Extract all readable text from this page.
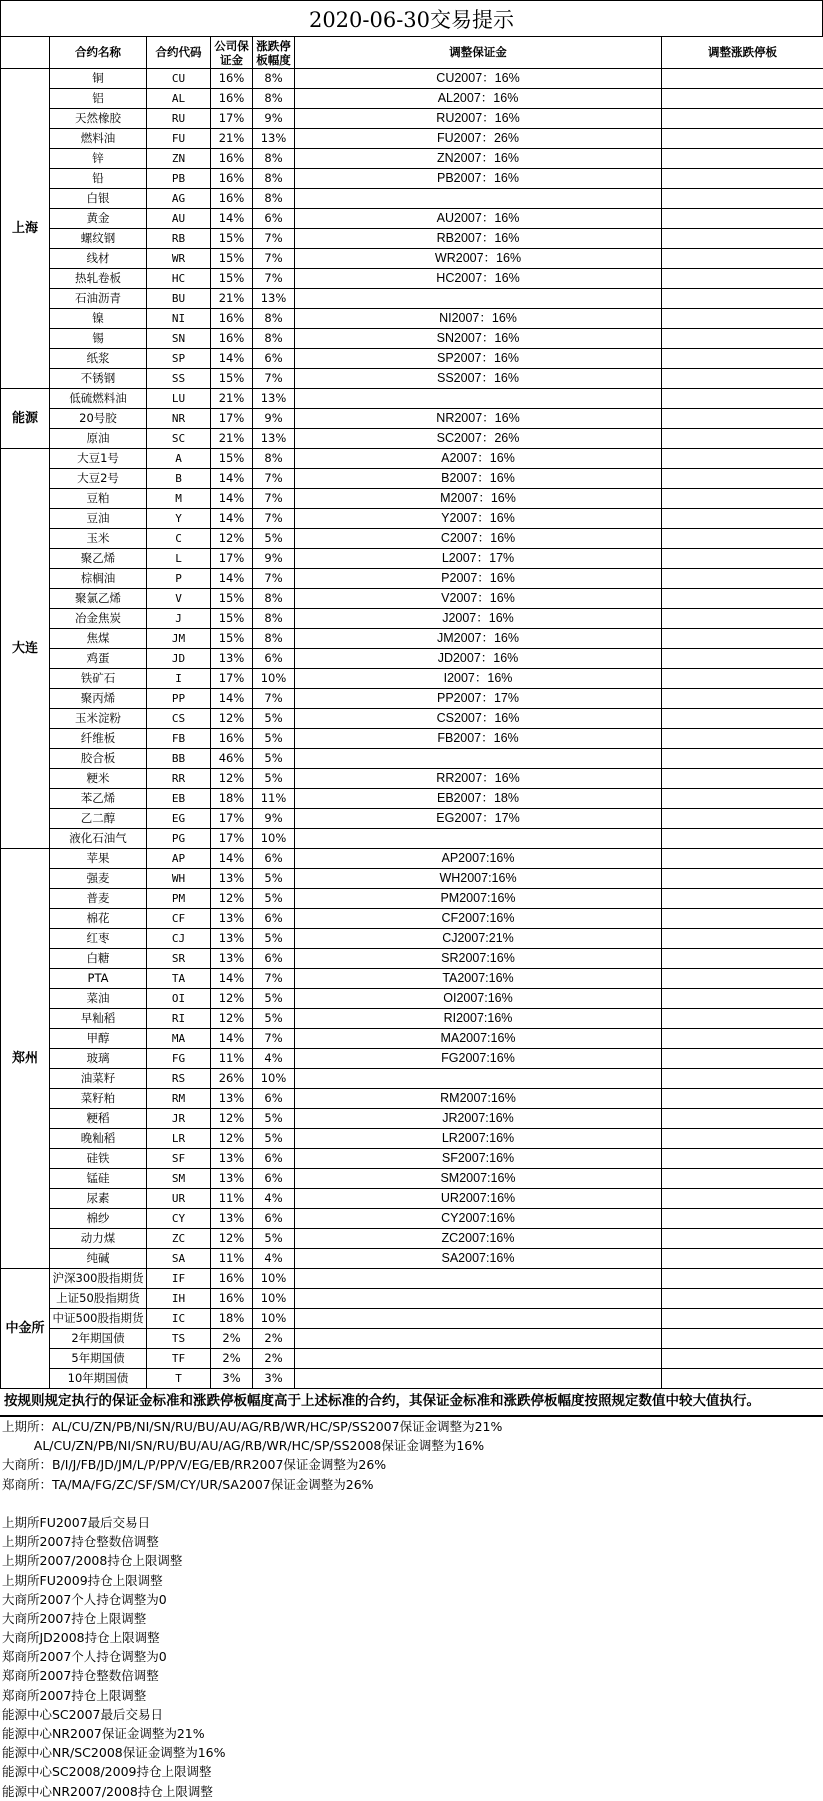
2020-06-30交易提示
	合约名称	合约代码	公司保证金	涨跌停板幅度	调整保证金	调整涨跌停板
上海	铜	CU	16%	8%	CU2007：16%	
	铝	AL	16%	8%	AL2007：16%	
	天然橡胶	RU	17%	9%	RU2007：16%	
	燃料油	FU	21%	13%	FU2007：26%	
	锌	ZN	16%	8%	ZN2007：16%	
	铅	PB	16%	8%	PB2007：16%	
	白银	AG	16%	8%		
	黄金	AU	14%	6%	AU2007：16%	
	螺纹钢	RB	15%	7%	RB2007：16%	
	线材	WR	15%	7%	WR2007：16%	
	热轧卷板	HC	15%	7%	HC2007：16%	
	石油沥青	BU	21%	13%		
	镍	NI	16%	8%	NI2007：16%	
	锡	SN	16%	8%	SN2007：16%	
	纸浆	SP	14%	6%	SP2007：16%	
	不锈钢	SS	15%	7%	SS2007：16%	
能源	低硫燃料油	LU	21%	13%		
	20号胶	NR	17%	9%	NR2007：16%	
	原油	SC	21%	13%	SC2007：26%	
大连	大豆1号	A	15%	8%	A2007：16%	
	大豆2号	B	14%	7%	B2007：16%	
	豆粕	M	14%	7%	M2007：16%	
	豆油	Y	14%	7%	Y2007：16%	
	玉米	C	12%	5%	C2007：16%	
	聚乙烯	L	17%	9%	L2007：17%	
	棕榈油	P	14%	7%	P2007：16%	
	聚氯乙烯	V	15%	8%	V2007：16%	
	冶金焦炭	J	15%	8%	J2007：16%	
	焦煤	JM	15%	8%	JM2007：16%	
	鸡蛋	JD	13%	6%	JD2007：16%	
	铁矿石	I	17%	10%	I2007：16%	
	聚丙烯	PP	14%	7%	PP2007：17%	
	玉米淀粉	CS	12%	5%	CS2007：16%	
	纤维板	FB	16%	5%	FB2007：16%	
	胶合板	BB	46%	5%		
	粳米	RR	12%	5%	RR2007：16%	
	苯乙烯	EB	18%	11%	EB2007：18%	
	乙二醇	EG	17%	9%	EG2007：17%	
	液化石油气	PG	17%	10%		
郑州	苹果	AP	14%	6%	AP2007:16%	
	强麦	WH	13%	5%	WH2007:16%	
	普麦	PM	12%	5%	PM2007:16%	
	棉花	CF	13%	6%	CF2007:16%	
	红枣	CJ	13%	5%	CJ2007:21%	
	白糖	SR	13%	6%	SR2007:16%	
	PTA	TA	14%	7%	TA2007:16%	
	菜油	OI	12%	5%	OI2007:16%	
	早籼稻	RI	12%	5%	RI2007:16%	
	甲醇	MA	14%	7%	MA2007:16%	
	玻璃	FG	11%	4%	FG2007:16%	
	油菜籽	RS	26%	10%		
	菜籽粕	RM	13%	6%	RM2007:16%	
	粳稻	JR	12%	5%	JR2007:16%	
	晚籼稻	LR	12%	5%	LR2007:16%	
	硅铁	SF	13%	6%	SF2007:16%	
	锰硅	SM	13%	6%	SM2007:16%	
	尿素	UR	11%	4%	UR2007:16%	
	棉纱	CY	13%	6%	CY2007:16%	
	动力煤	ZC	12%	5%	ZC2007:16%	
	纯碱	SA	11%	4%	SA2007:16%	
中金所	沪深300股指期货	IF	16%	10%		
	上证50股指期货	IH	16%	10%		
	中证500股指期货	IC	18%	10%		
	2年期国债	TS	2%	2%		
	5年期国债	TF	2%	2%		
	10年期国债	T	3%	3%		
按规则规定执行的保证金标准和涨跌停板幅度高于上述标准的合约，其保证金标准和涨跌停板幅度按照规定数值中较大值执行。
上期所：AL/CU/ZN/PB/NI/SN/RU/BU/AU/AG/RB/WR/HC/SP/SS2007保证金调整为21%
AL/CU/ZN/PB/NI/SN/RU/BU/AU/AG/RB/WR/HC/SP/SS2008保证金调整为16%
大商所：B/I/J/FB/JD/JM/L/P/PP/V/EG/EB/RR2007保证金调整为26%
郑商所：TA/MA/FG/ZC/SF/SM/CY/UR/SA2007保证金调整为26%
上期所FU2007最后交易日
上期所2007持仓整数倍调整
上期所2007/2008持仓上限调整
上期所FU2009持仓上限调整
大商所2007个人持仓调整为0
大商所2007持仓上限调整
大商所JD2008持仓上限调整
郑商所2007个人持仓调整为0
郑商所2007持仓整数倍调整
郑商所2007持仓上限调整
能源中心SC2007最后交易日
能源中心NR2007保证金调整为21%
能源中心NR/SC2008保证金调整为16%
能源中心SC2008/2009持仓上限调整
能源中心NR2007/2008持仓上限调整
